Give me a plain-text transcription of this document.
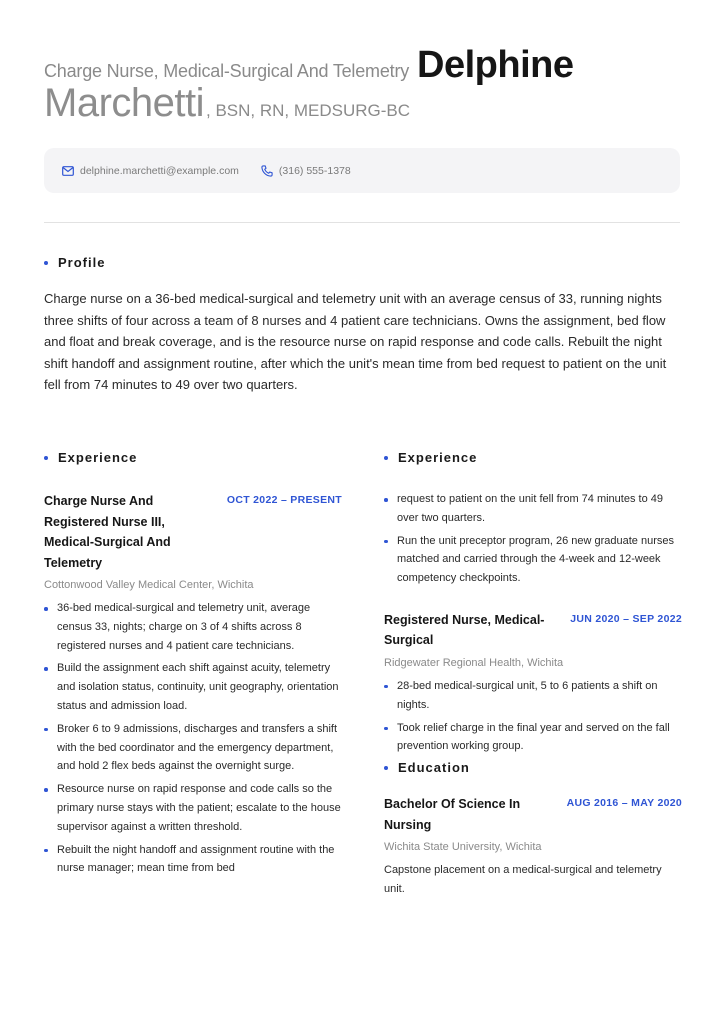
Charge Nurse, Medical-Surgical And Telemetry Delphine
Marchetti , BSN, RN, MEDSURG-BC
delphine.marchetti@example.com	(316) 555-1378
Profile

Charge nurse on a 36-bed medical-surgical and telemetry unit with an average census of 33, running nights three shifts of four across a team of 8 nurses and 4 patient care technicians. Owns the assignment, bed flow and float and break coverage, and is the resource nurse on rapid response and code calls. Rebuilt the night shift handoff and assignment routine, after which the unit's mean time from bed request to patient on the unit fell from 74 minutes to 49 over two quarters.

Experience
Charge Nurse And Registered Nurse III, Medical-Surgical And Telemetry
OCT 2022 – PRESENT
Cottonwood Valley Medical Center, Wichita
36-bed medical-surgical and telemetry unit, average census 33, nights; charge on 3 of 4 shifts across 8 registered nurses and 4 patient care technicians.
Build the assignment each shift against acuity, telemetry and isolation status, continuity, unit geography, orientation status and admission load.
Broker 6 to 9 admissions, discharges and transfers a shift with the bed coordinator and the emergency department, and hold 2 flex beds against the overnight surge.
Resource nurse on rapid response and code calls so the primary nurse stays with the patient; escalate to the house supervisor against a written threshold.
Rebuilt the night handoff and assignment routine with the nurse manager; mean time from bed
Experience
request to patient on the unit fell from 74 minutes to 49 over two quarters.
Run the unit preceptor program, 26 new graduate nurses matched and carried through the 4-week and 12-week competency checkpoints.
Registered Nurse, Medical-Surgical
JUN 2020 – SEP 2022
Ridgewater Regional Health, Wichita
28-bed medical-surgical unit, 5 to 6 patients a shift on nights.
Took relief charge in the final year and served on the fall prevention working group.
Education
Bachelor Of Science In Nursing
AUG 2016 – MAY 2020
Wichita State University, Wichita

Capstone placement on a medical-surgical and telemetry unit.
